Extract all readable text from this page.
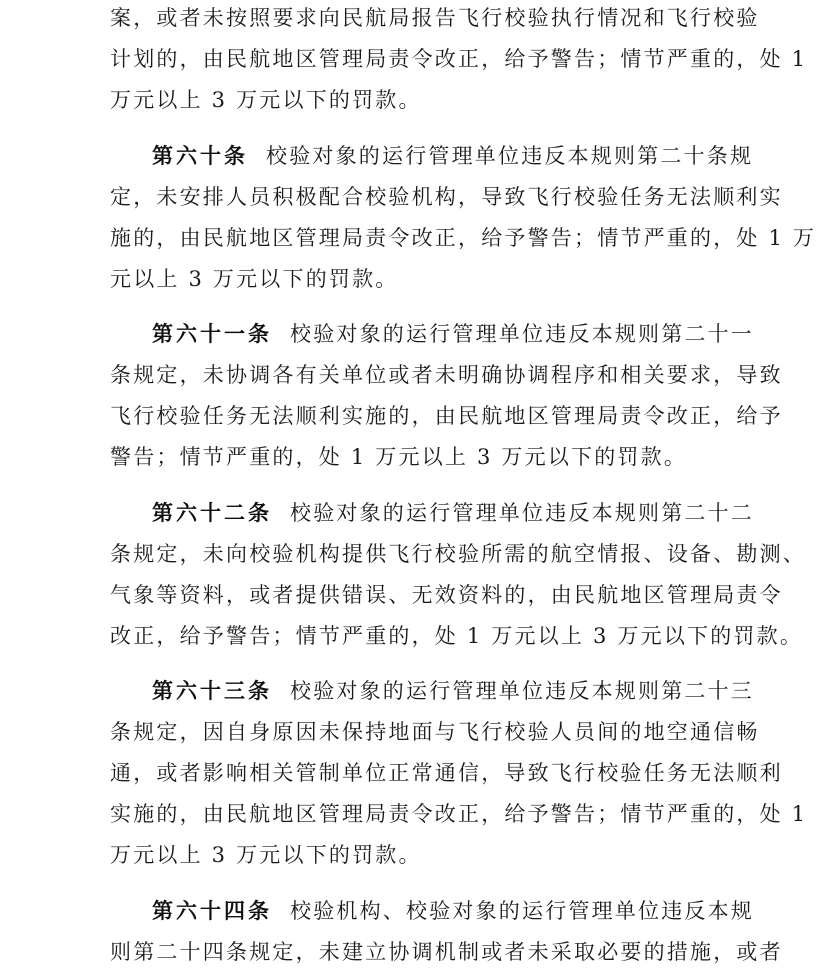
案，或者未按照要求向民航局报告飞行校验执行情况和飞行校验
计划的，由民航地区管理局责令改正，给予警告；情节严重的，处 1
万元以上 3 万元以下的罚款。
第六十条 校验对象的运行管理单位违反本规则第二十条规
定，未安排人员积极配合校验机构，导致飞行校验任务无法顺利实
施的，由民航地区管理局责令改正，给予警告；情节严重的，处 1 万
元以上 3 万元以下的罚款。
第六十一条 校验对象的运行管理单位违反本规则第二十一
条规定，未协调各有关单位或者未明确协调程序和相关要求，导致
飞行校验任务无法顺利实施的，由民航地区管理局责令改正，给予
警告；情节严重的，处 1 万元以上 3 万元以下的罚款。
第六十二条 校验对象的运行管理单位违反本规则第二十二
条规定，未向校验机构提供飞行校验所需的航空情报、设备、勘测、
气象等资料，或者提供错误、无效资料的，由民航地区管理局责令
改正，给予警告；情节严重的，处 1 万元以上 3 万元以下的罚款。
第六十三条 校验对象的运行管理单位违反本规则第二十三
条规定，因自身原因未保持地面与飞行校验人员间的地空通信畅
通，或者影响相关管制单位正常通信，导致飞行校验任务无法顺利
实施的，由民航地区管理局责令改正，给予警告；情节严重的，处 1
万元以上 3 万元以下的罚款。
第六十四条 校验机构、校验对象的运行管理单位违反本规
则第二十四条规定，未建立协调机制或者未采取必要的措施，或者
